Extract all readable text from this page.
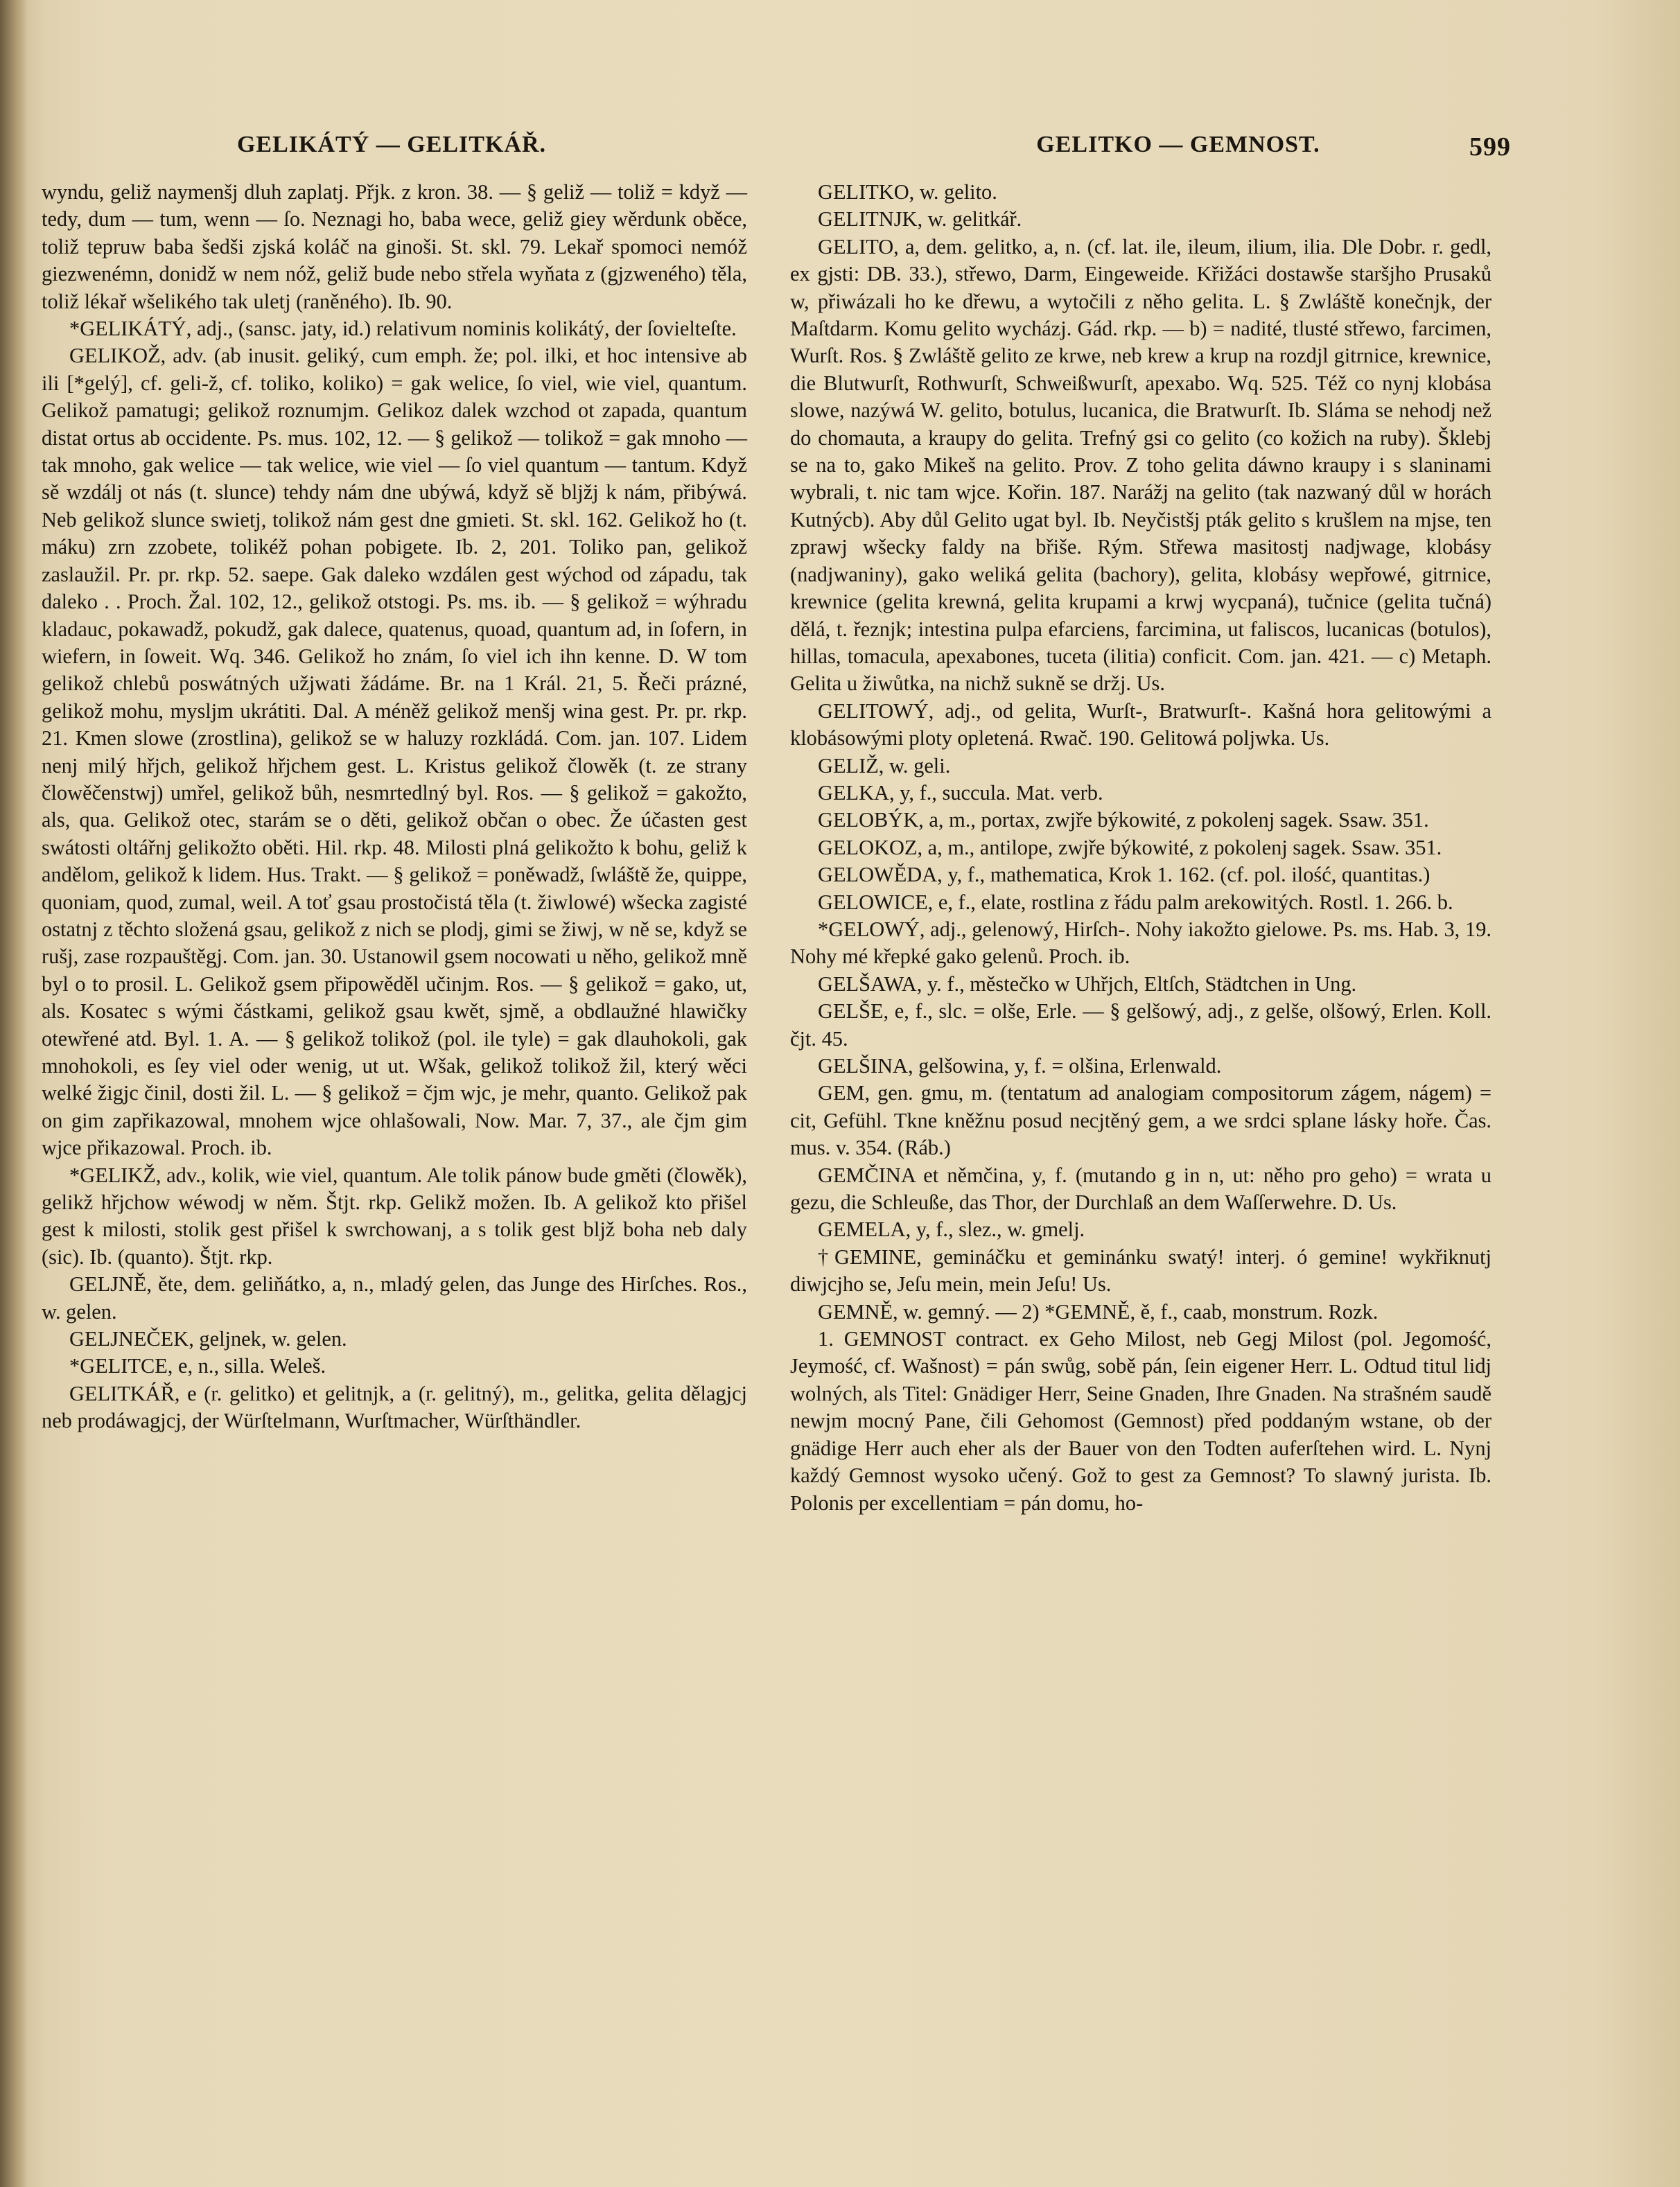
GELIKÁTÝ — GELITKÁŘ.	GELITKO — GEMNOST.	599

wyndu, geliž naymenšj dluh zaplatj. Přjk. z kron. 38. — § gelіž — toliž = když — tedy, dum — tum, wenn — ſo. Neznagi ho, baba wece, geliž giey wěrdunk oběce, toliž tepruw baba šedši zjská koláč na ginoši. St. skl. 79. Lekař spomoci nemóž giezwenémn, donidž w nem nóž, geliž bude nebo střela wyňata z (gjzweného) těla, toliž lékař wšelikého tak uletj (raněného). Ib. 90.

*GELIKÁTÝ, adj., (sansc. jaty, id.) relativum nominis kolikátý, der ſovielteſte.

GELIKOŽ, adv. (ab inusit. geliký, cum emph. že; pol. ilki, et hoc intensive ab ili [*gelý], cf. geli-ž, cf. toliko, koliko) = gak welice, ſo viel, wie viel, quantum. Gelikož pamatugi; gelikož roznumjm. Gelikoz dalek wzchod ot zapada, quantum distat ortus ab occidente. Ps. mus. 102, 12. — § gelikož — tolikož = gak mnoho — tak mnoho, gak welice — tak welice, wie viel — ſo viel quantum — tantum. Když sě wzdálj ot nás (t. slunce) tehdy nám dne ubýwá, když sě bljžj k nám, přibýwá. Neb gelikož slunce swietj, tolikož nám gest dne gmieti. St. skl. 162. Gelikož ho (t. máku) zrn zzobete, tolikéž pohan pobigete. Ib. 2, 201. Toliko pan, gelikož zaslaužil. Pr. pr. rkp. 52. saepe. Gak daleko wzdálen gest wýchod od západu, tak daleko . . Proch. Žal. 102, 12., gelikož otstogi. Ps. ms. ib. — § gelikož = wýhradu kladauc, pokawadž, pokudž, gak dalece, quatenus, quoad, quantum ad, in ſofern, in wiefern, in ſoweit. Wq. 346. Gelikož ho znám, ſo viel ich ihn kenne. D. W tom gelikož chlebů poswátných užjwati žádáme. Br. na 1 Král. 21, 5. Řeči prázné, gelikož mohu, mysljm ukrátiti. Dal. A méněž gelikož menšj wina gest. Pr. pr. rkp. 21. Kmen slowe (zrostlina), gelikož se w haluzy rozkládá. Com. jan. 107. Lidem nenj milý hřjch, gelikož hřjchem gest. L. Kristus gelikož člowěk (t. ze strany člowěčenstwj) umřel, gelikož bůh, nesmrtedlný byl. Ros. — § gelikož = gakožto, als, qua. Gelikož otec, starám se o děti, gelikož občan o obec. Že účasten gest swátosti oltářnj gelikožto oběti. Hil. rkp. 48. Milosti plná gelikožto k bohu, geliž k andělom, gelikož k lidem. Hus. Trakt. — § gelikož = poněwadž, ſwláště že, quippe, quoniam, quod, zumal, weil. A toť gsau prostočistá těla (t. žiwlowé) wšecka zagisté ostatnj z těchto složená gsau, gelikož z nich se plodj, gimi se žiwj, w ně se, když se rušj, zase rozpauštěgj. Com. jan. 30. Ustanowil gsem nocowati u něho, gelikož mně byl o to prosil. L. Gelikož gsem připowěděl učinjm. Ros. — § gelikož = gako, ut, als. Kosatec s wými částkami, gelikož gsau kwět, sjmě, a obdlaužné hlawičky otewřené atd. Byl. 1. A. — § gelikož tolikož (pol. ile tyle) = gak dlauhokoli, gak mnohokoli, es ſey viel oder wenig, ut ut. Wšak, gelikož tolikož žil, který wěci welké žigjc činil, dosti žil. L. — § gelikož = čjm wjc, je mehr, quanto. Gelikož pak on gim zapřikazowal, mnohem wjce ohlašowali, Now. Mar. 7, 37., ale čjm gim wjce přikazowal. Proch. ib.

*GELIKŽ, adv., kolik, wie viel, quantum. Ale tolik pánow bude gměti (člowěk), gelikž hřjchow wéwodj w něm. Štjt. rkp. Gelikž možen. Ib. A gelikož kto přišel gest k milosti, stolik gest přišel k swrchowanj, a s tolik gest bljž boha neb daly (sic). Ib. (quanto). Štjt. rkp.

GELJNĚ, ěte, dem. geliňátko, a, n., mladý gelen, das Junge des Hirſches. Ros., w. gelen.

GELJNEČEK, geljnek, w. gelen.

*GELITCE, e, n., silla. Weleš.

GELITKÁŘ, e (r. gelitko) et gelitnjk, a (r. gelitný), m., gelitka, gelita dělagjcj neb prodáwagjcj, der Würſtelmann, Wurſtmacher, Würſthändler.

GELITKO, w. gelito.

GELITNJK, w. gelitkář.

GELITO, a, dem. gelitko, a, n. (cf. lat. ile, ileum, ilium, ilia. Dle Dobr. r. gedl, ex gjsti: DB. 33.), střewo, Darm, Eingeweide. Křižáci dostawše staršjho Prusaků w, přiwázali ho ke dřewu, a wytočili z něho gelita. L. § Zwláště konečnjk, der Maſtdarm. Komu gelito wycházj. Gád. rkp. — b) = nadité, tlusté střewo, farcimen, Wurſt. Ros. § Zwláště gelito ze krwe, neb krew a krup na rozdjl gitrnice, krewnice, die Blutwurſt, Rothwurſt, Schweißwurſt, apexabo. Wq. 525. Též co nynj klobása slowe, nazýwá W. gelito, botulus, lucanica, die Bratwurſt. Ib. Sláma se nehodj než do chomauta, a kraupy do gelita. Trefný gsi co gelito (co kožich na ruby). Šklebj se na to, gako Mikeš na gelito. Prov. Z toho gelita dáwno kraupy i s slaninami wybrali, t. nic tam wjce. Kořin. 187. Narážj na gelito (tak nazwaný důl w horách Kutnýcb). Aby důl Gelito ugat byl. Ib. Neyčistšj pták gelito s krušlem na mjse, ten zprawj wšecky faldy na břiše. Rým. Střewa masitostj nadjwage, klobásy (nadjwaniny), gako weliká gelita (bachory), gelita, klobásy wepřowé, gitrnice, krewnice (gelita krewná, gelita krupami a krwj wycpaná), tučnice (gelita tučná) dělá, t. řeznjk; intestina pulpa efarciens, farcimina, ut faliscos, lucanicas (botulos), hillas, tomacula, apexabones, tuceta (ilitia) conficit. Com. jan. 421. — c) Metaph. Gelita u žiwůtka, na nichž sukně se držj. Us.

GELITOWÝ, adj., od gelita, Wurſt-, Bratwurſt-. Kašná hora gelitowými a klobásowými ploty opletená. Rwač. 190. Gelitowá poljwka. Us.

GELIŽ, w. geli.

GELKA, y, f., succula. Mat. verb.

GELOBÝK, a, m., portax, zwjře býkowité, z pokolenj sagek. Ssaw. 351.

GELOKOZ, a, m., antilope, zwjře býkowité, z pokolenj sagek. Ssaw. 351.

GELOWĚDA, y, f., mathematica, Krok 1. 162. (cf. pol. ilość, quantitas.)

GELOWICE, e, f., elate, rostlina z řádu palm arekowitých. Rostl. 1. 266. b.

*GELOWÝ, adj., gelenowý, Hirſch-. Nohy iakožto gielowe. Ps. ms. Hab. 3, 19. Nohy mé křepké gako gelenů. Proch. ib.

GELŠAWA, y. f., městečko w Uhřjch, Eltſch, Städtchen in Ung.

GELŠE, e, f., slc. = olše, Erle. — § gelšowý, adj., z gelše, olšowý, Erlen. Koll. čjt. 45.

GELŠINA, gelšowina, y, f. = olšina, Erlenwald.

GEM, gen. gmu, m. (tentatum ad analogiam compositorum zágem, nágem) = cit, Gefühl. Tkne kněžnu posud necjtěný gem, a we srdci splane lásky hoře. Čas. mus. v. 354. (Ráb.)

GEMČINA et němčina, y, f. (mutando g in n, ut: něho pro geho) = wrata u gezu, die Schleuße, das Thor, der Durchlaß an dem Waſſerwehre. D. Us.

GEMELA, y, f., slez., w. gmelj.

†GEMINE, gemináčku et geminánku swatý! interj. ó gemine! wykřiknutj diwjcjho se, Jeſu mein, mein Jeſu! Us.

GEMNĚ, w. gemný. — 2) *GEMNĚ, ě, f., caab, monstrum. Rozk.

1. GEMNOST contract. ex Geho Milost, neb Gegj Milost (pol. Jegomość, Jeymość, cf. Wašnost) = pán swůg, sobě pán, ſein eigener Herr. L. Odtud titul lidj wolných, als Titel: Gnädiger Herr, Seine Gnaden, Ihre Gnaden. Na strašném saudě newjm mocný Pane, čili Gehomost (Gemnost) před poddaným wstane, ob der gnädige Herr auch eher als der Bauer von den Todten auferſtehen wird. L. Nynj každý Gemnost wysoko učený. Gož to gest za Gemnost? To slawný jurista. Ib. Polonis per excellentiam = pán domu, ho-
